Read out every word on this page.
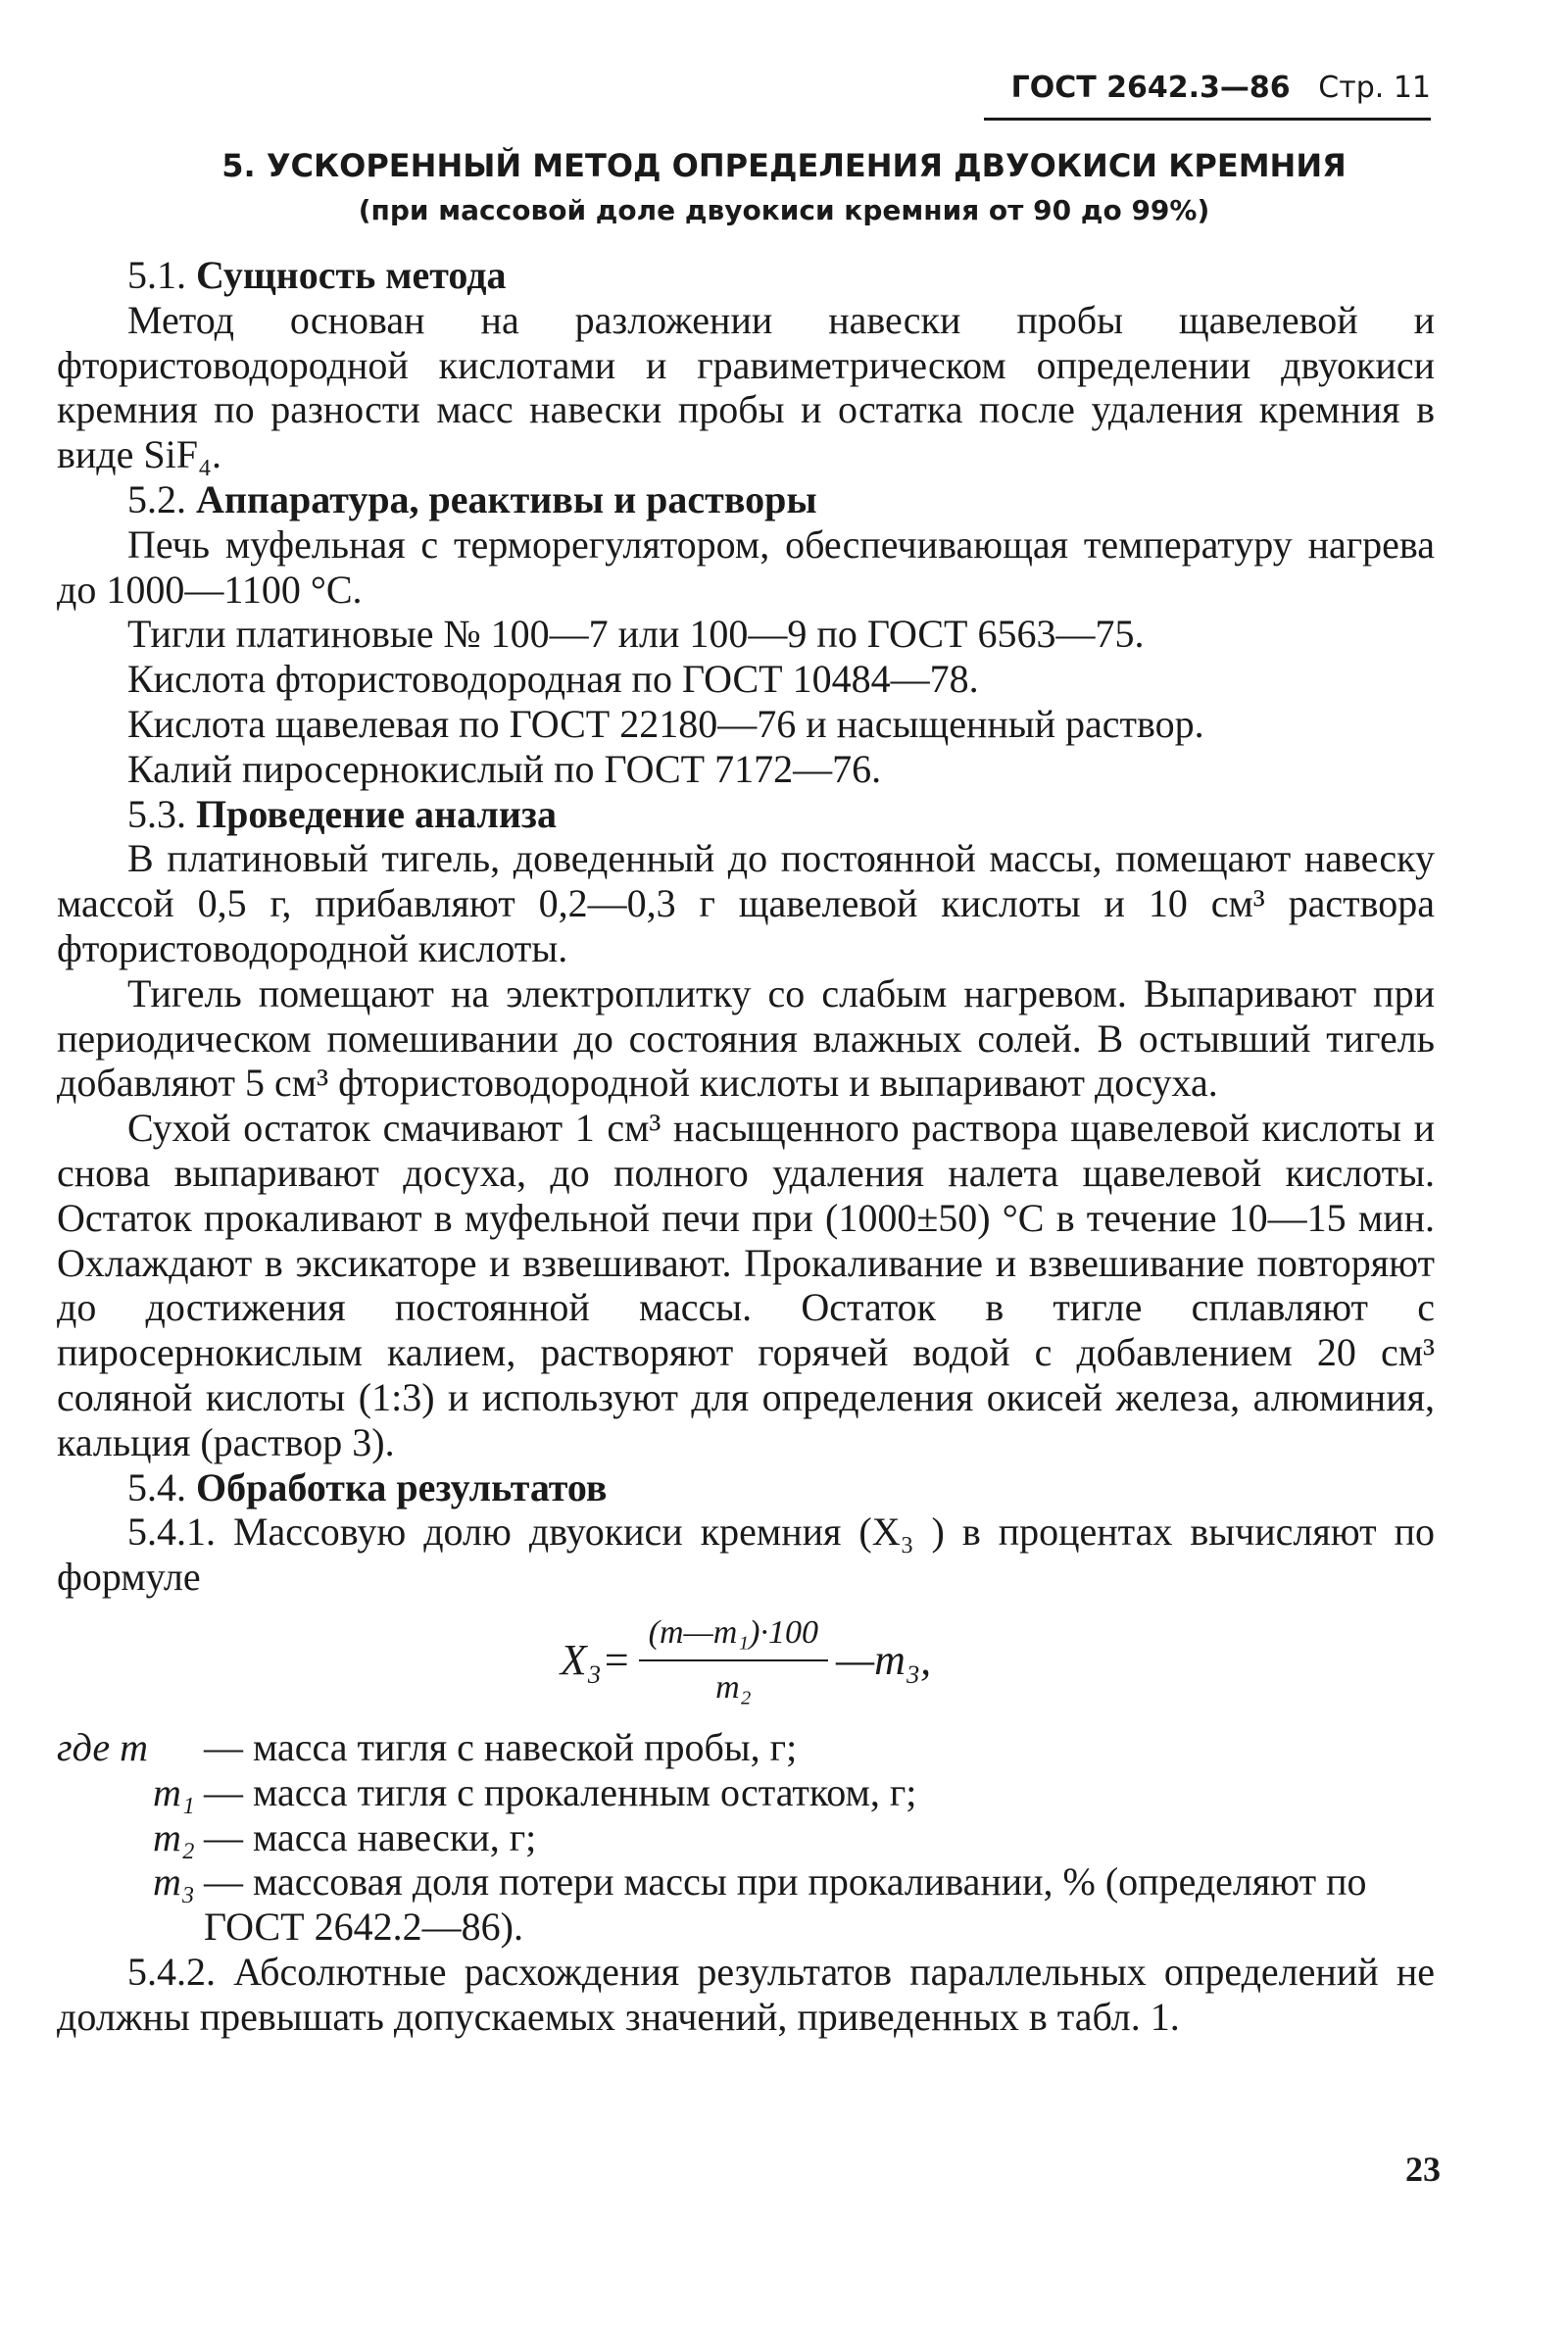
ГОСТ 2642.3—86 Стр. 11
5. УСКОРЕННЫЙ МЕТОД ОПРЕДЕЛЕНИЯ ДВУОКИСИ КРЕМНИЯ
(при массовой доле двуокиси кремния от 90 до 99%)

5.1. Сущность метода

Метод основан на разложении навески пробы щавелевой и фтористоводородной кислотами и гравиметрическом определении двуокиси кремния по разности масс навески пробы и остатка после удаления кремния в виде SiF₄.

5.2. Аппаратура, реактивы и растворы

Печь муфельная с терморегулятором, обеспечивающая температуру нагрева до 1000—1100 °C.

Тигли платиновые № 100—7 или 100—9 по ГОСТ 6563—75.

Кислота фтористоводородная по ГОСТ 10484—78.

Кислота щавелевая по ГОСТ 22180—76 и насыщенный раствор.

Калий пиросернокислый по ГОСТ 7172—76.

5.3. Проведение анализа

В платиновый тигель, доведенный до постоянной массы, помещают навеску массой 0,5 г, прибавляют 0,2—0,3 г щавелевой кислоты и 10 см³ раствора фтористоводородной кислоты.

Тигель помещают на электроплитку со слабым нагревом. Выпаривают при периодическом помешивании до состояния влажных солей. В остывший тигель добавляют 5 см³ фтористоводородной кислоты и выпаривают досуха.

Сухой остаток смачивают 1 см³ насыщенного раствора щавелевой кислоты и снова выпаривают досуха, до полного удаления налета щавелевой кислоты. Остаток прокаливают в муфельной печи при (1000±50) °С в течение 10—15 мин. Охлаждают в эксикаторе и взвешивают. Прокаливание и взвешивание повторяют до достижения постоянной массы. Остаток в тигле сплавляют с пиросернокислым калием, растворяют горячей водой с добавлением 20 см³ соляной кислоты (1:3) и используют для определения окисей железа, алюминия, кальция (раствор 3).

5.4. Обработка результатов

5.4.1. Массовую долю двуокиси кремния (X₃ ) в процентах вычисляют по формуле

$X_3= \frac{\text{(m—m₁)·100}}{\text{m₂}}$ —m₃,
где m	— масса тигля с навеской пробы, г;
m₁ — масса тигля с прокаленным остатком, г;
m₂ — масса навески, г;
m₃ — массовая доля потери массы при прокаливании, % (определяют по ГОСТ 2642.2—86).

5.4.2. Абсолютные расхождения результатов параллельных определений не должны превышать допускаемых значений, приведенных в табл. 1.

23
